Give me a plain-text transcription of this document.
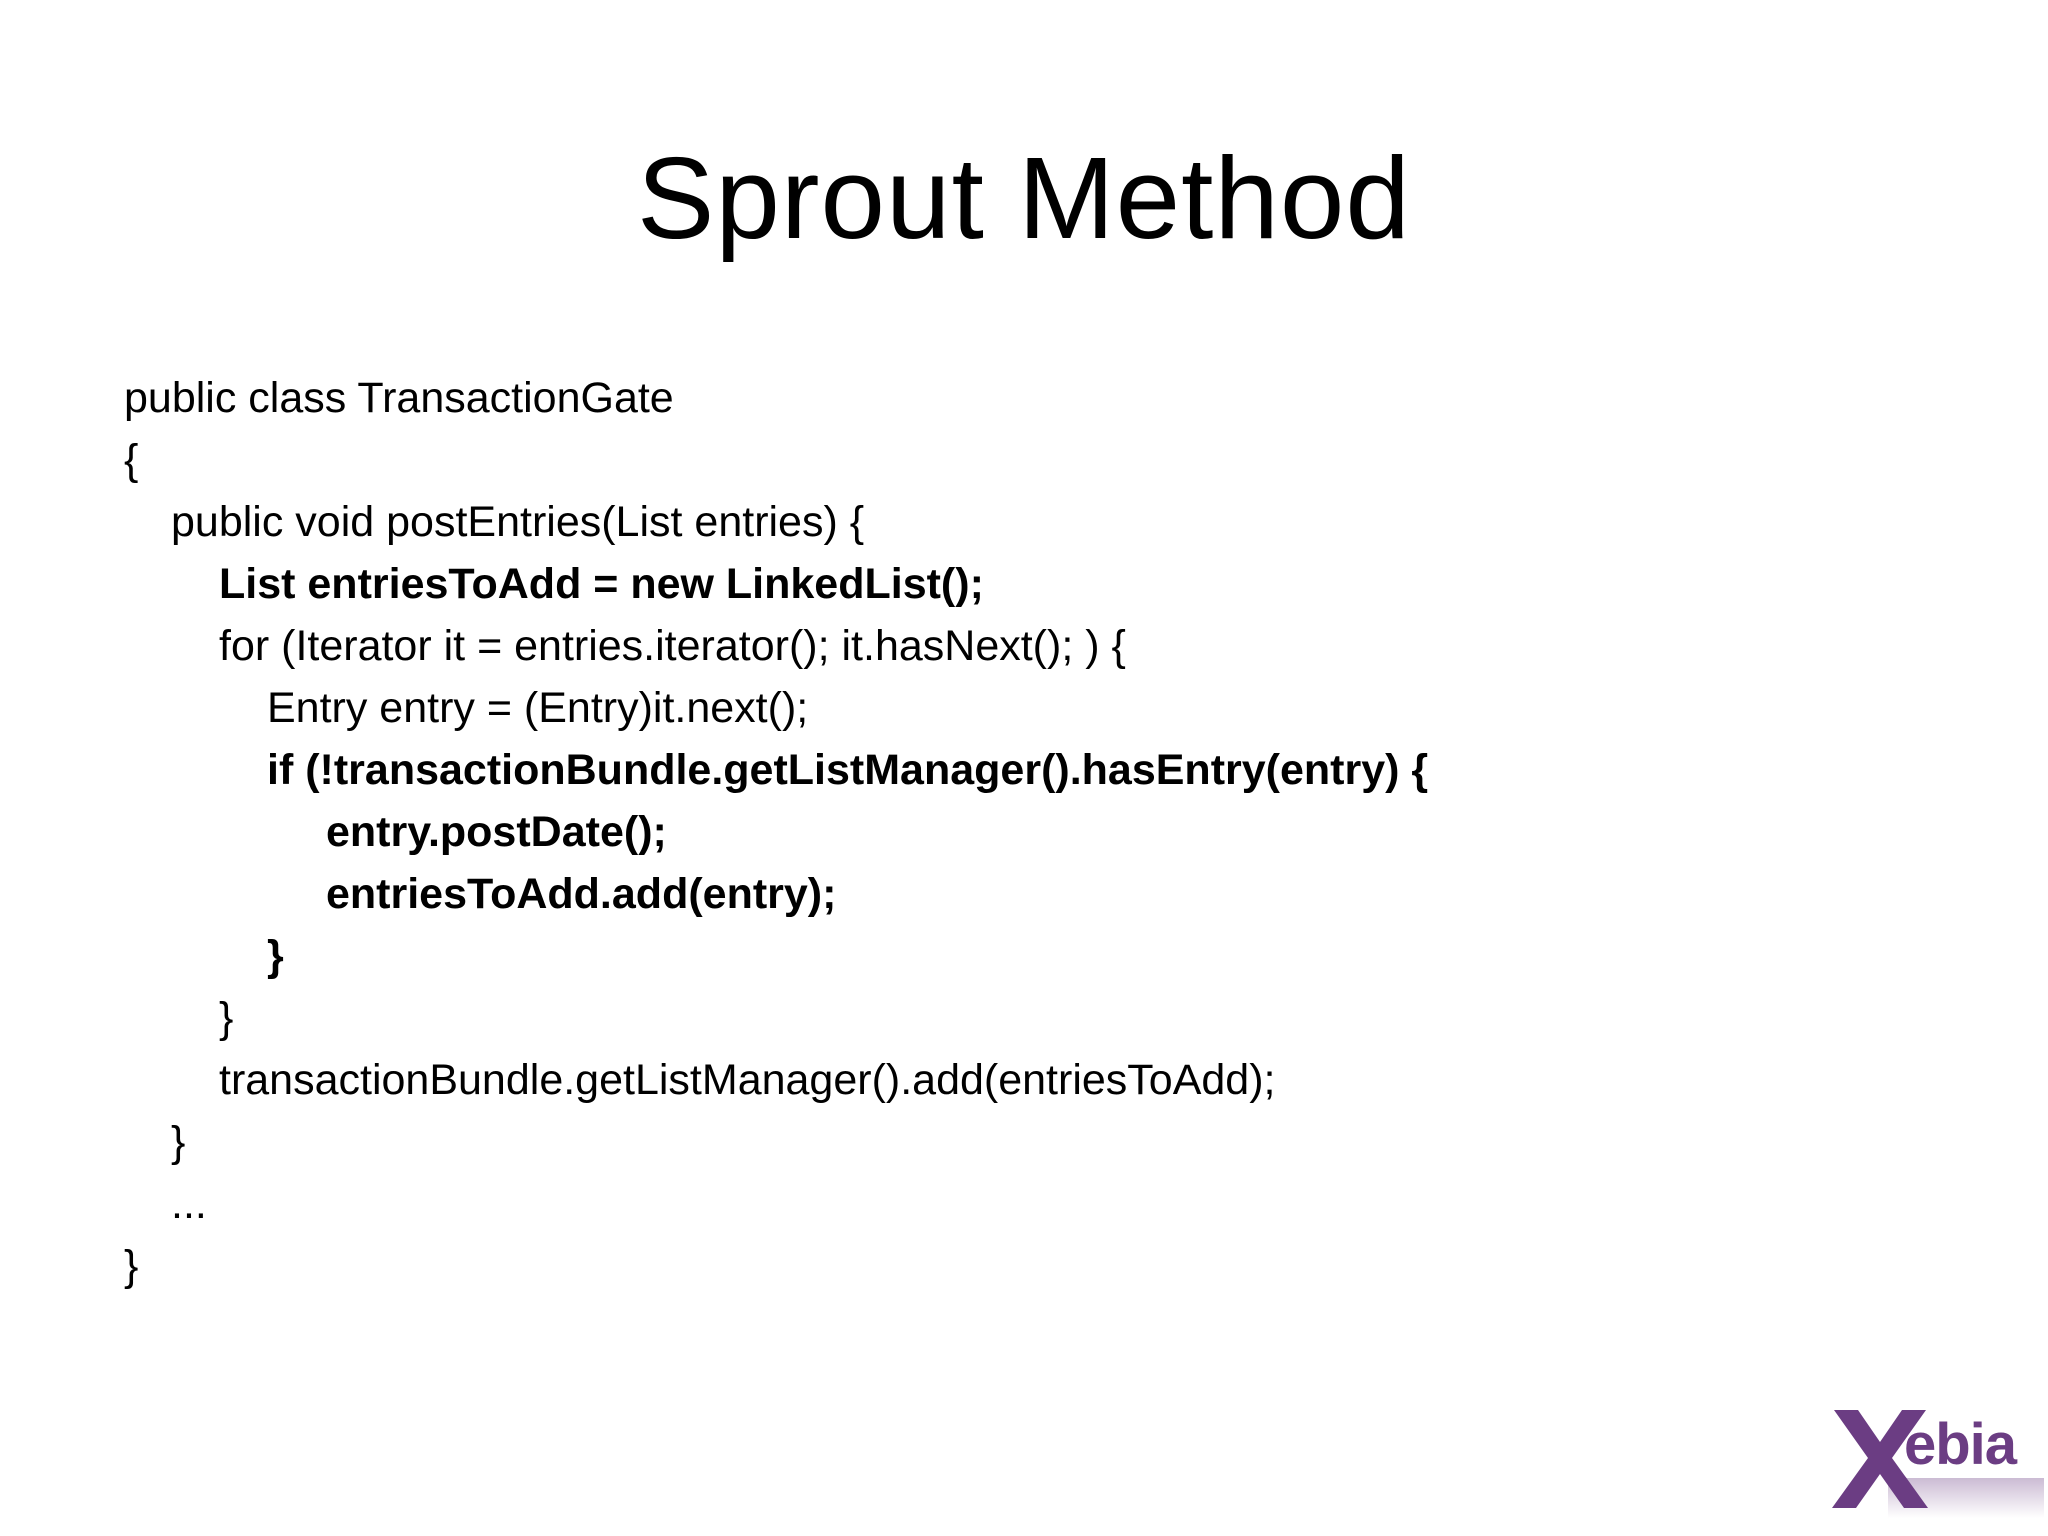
Sprout Method
public class TransactionGate
{
public void postEntries(List entries) {
List entriesToAdd = new LinkedList();
for (Iterator it = entries.iterator(); it.hasNext(); ) {
Entry entry = (Entry)it.next();
if (!transactionBundle.getListManager().hasEntry(entry) {
entry.postDate();
entriesToAdd.add(entry);
}
}
transactionBundle.getListManager().add(entriesToAdd);
}
...
}
ebia
